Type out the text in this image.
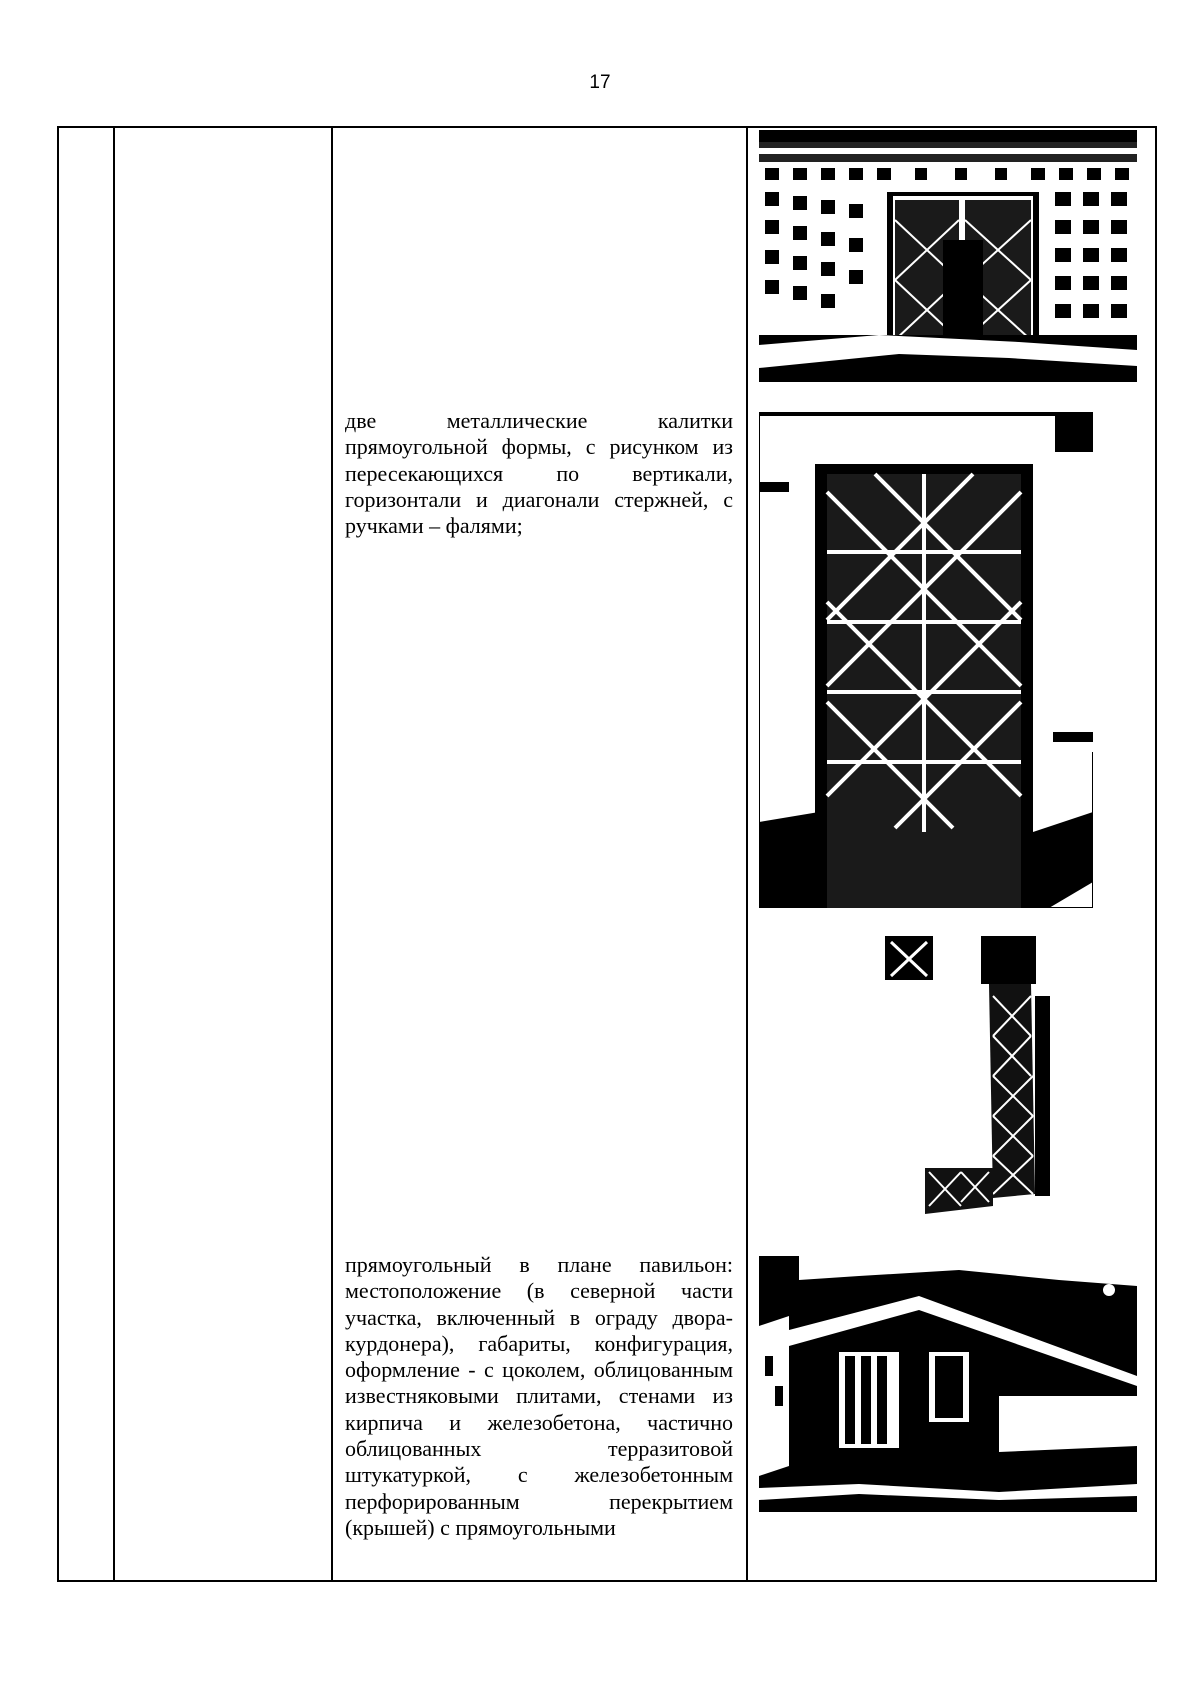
17

две металлические калитки прямоугольной формы, с рисунком из пересекающихся по вертикали, горизонтали и диагонали стержней, с ручками – фалями;

прямоугольный в плане павильон: местоположение (в северной части участка, включенный в ограду двора-курдонера), габариты, конфигурация, оформление - с цоколем, облицованным известняковыми плитами, стенами из кирпича и железобетона, частично облицованных терразитовой штукатуркой, с железобетонным перфорированным перекрытием (крышей) с прямоугольными
